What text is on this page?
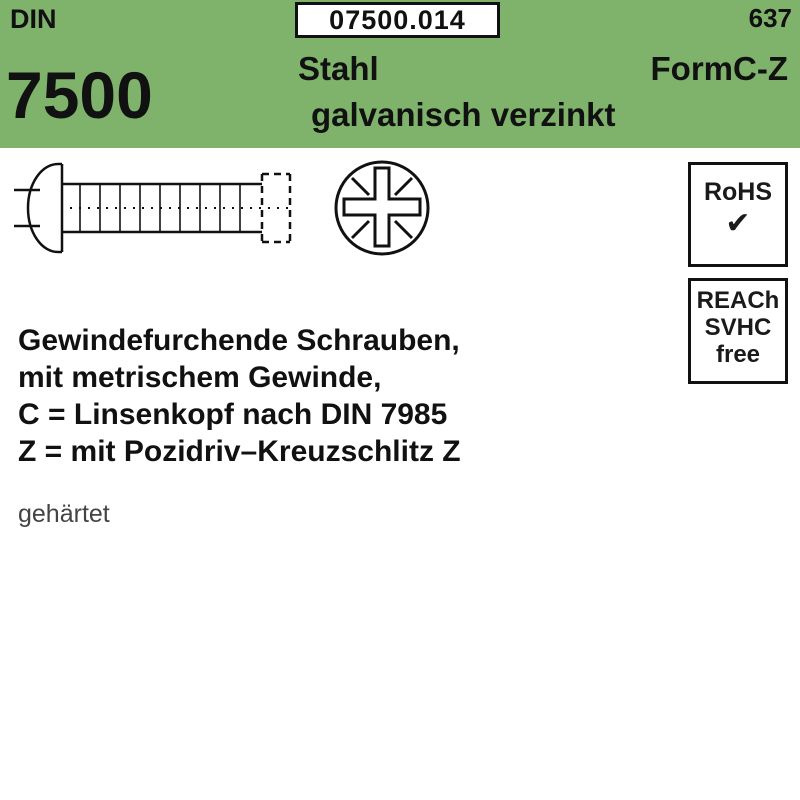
DIN	07500.014	637
7500	Stahl
galvanisch verzinkt
FormC-Z
RoHS
✔
REACh
SVHC
free
Gewindefurchende Schrauben,
mit metrischem Gewinde,
C = Linsenkopf nach DIN 7985
Z = mit Pozidriv–Kreuzschlitz Z
gehärtet
